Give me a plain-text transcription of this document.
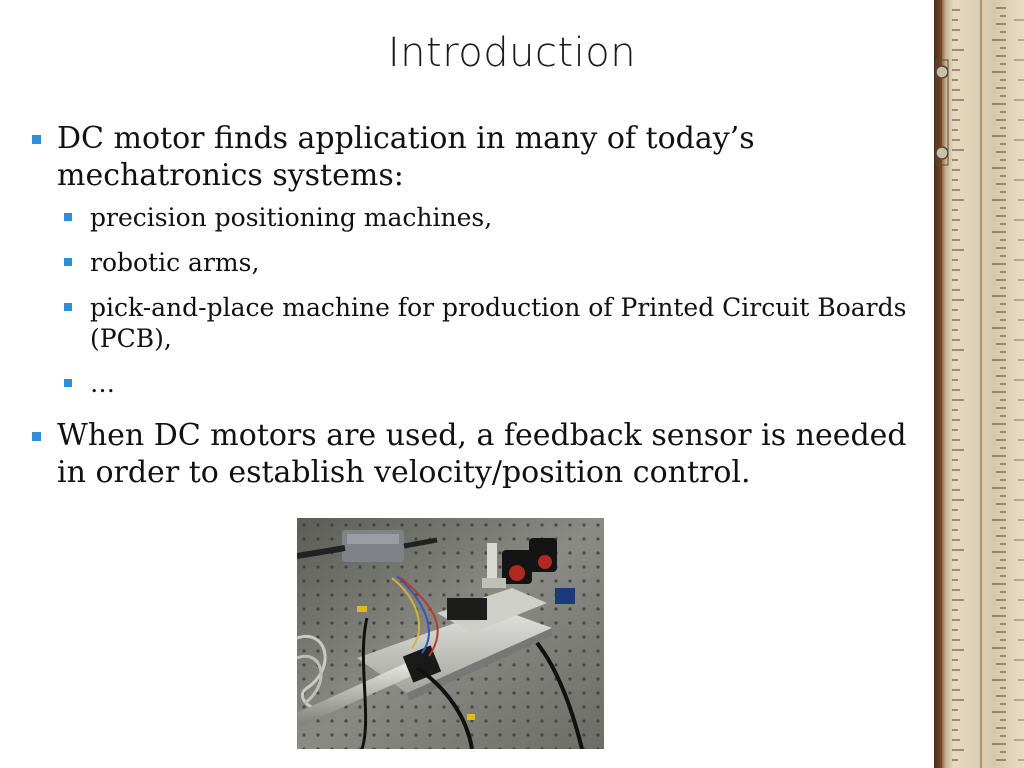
Introduction
DC motor finds application in many of today’s mechatronics systems:
precision positioning machines,
robotic arms,
pick-and-place machine for production of Printed Circuit Boards (PCB),
…
When DC motors are used, a feedback sensor is needed in order to establish velocity/position control.
